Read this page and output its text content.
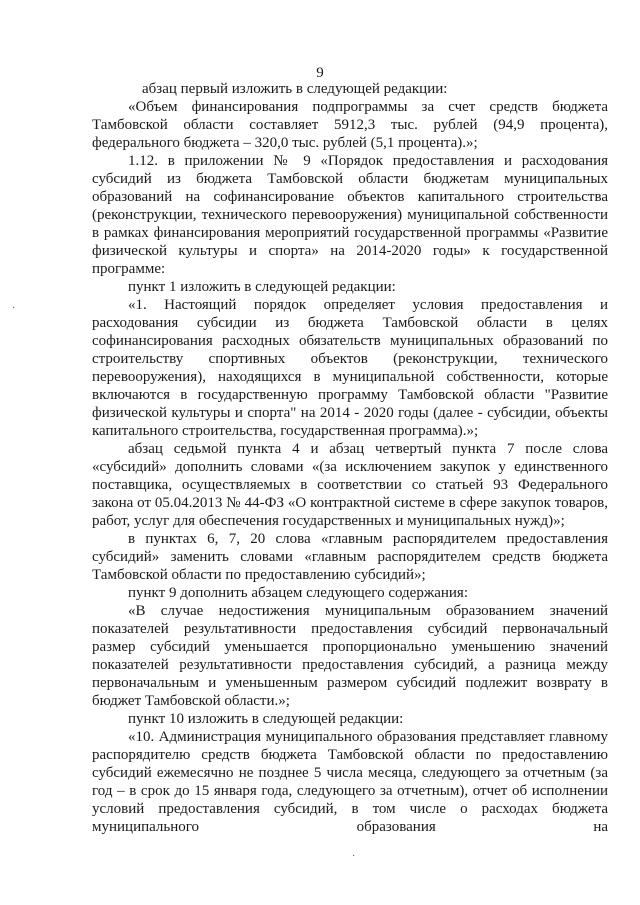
9

абзац первый изложить в следующей редакции:

«Объем финансирования подпрограммы за счет средств бюджета Тамбовской области составляет 5912,3 тыс. рублей (94,9 процента), федерального бюджета – 320,0 тыс. рублей (5,1 процента).»;

1.12. в приложении № 9 «Порядок предоставления и расходования субсидий из бюджета Тамбовской области бюджетам муниципальных образований на софинансирование объектов капитального строительства (реконструкции, технического перевооружения) муниципальной собственности в рамках финансирования мероприятий государственной программы «Развитие физической культуры и спорта» на 2014-2020 годы» к государственной программе:

пункт 1 изложить в следующей редакции:

«1. Настоящий порядок определяет условия предоставления и расходования субсидии из бюджета Тамбовской области в целях софинансирования расходных обязательств муниципальных образований по строительству спортивных объектов (реконструкции, технического перевооружения), находящихся в муниципальной собственности, которые включаются в государственную программу Тамбовской области "Развитие физической культуры и спорта" на 2014 - 2020 годы (далее - субсидии, объекты капитального строительства, государственная программа).»;

абзац седьмой пункта 4 и абзац четвертый пункта 7 после слова «субсидий» дополнить словами «(за исключением закупок у единственного поставщика, осуществляемых в соответствии со статьей 93 Федерального закона от 05.04.2013 № 44-ФЗ «О контрактной системе в сфере закупок товаров, работ, услуг для обеспечения государственных и муниципальных нужд)»;

в пунктах 6, 7, 20 слова «главным распорядителем предоставления субсидий» заменить словами «главным распорядителем средств бюджета Тамбовской области по предоставлению субсидий»;

пункт 9 дополнить абзацем следующего содержания:

«В случае недостижения муниципальным образованием значений показателей результативности предоставления субсидий первоначальный размер субсидий уменьшается пропорционально уменьшению значений показателей результативности предоставления субсидий, а разница между первоначальным и уменьшенным размером субсидий подлежит возврату в бюджет Тамбовской области.»;

пункт 10 изложить в следующей редакции:

«10. Администрация муниципального образования представляет главному распорядителю средств бюджета Тамбовской области по предоставлению субсидий ежемесячно не позднее 5 числа месяца, следующего за отчетным (за год – в срок до 15 января года, следующего за отчетным), отчет об исполнении условий предоставления субсидий, в том числе о расходах бюджета муниципального образования на

·
·
